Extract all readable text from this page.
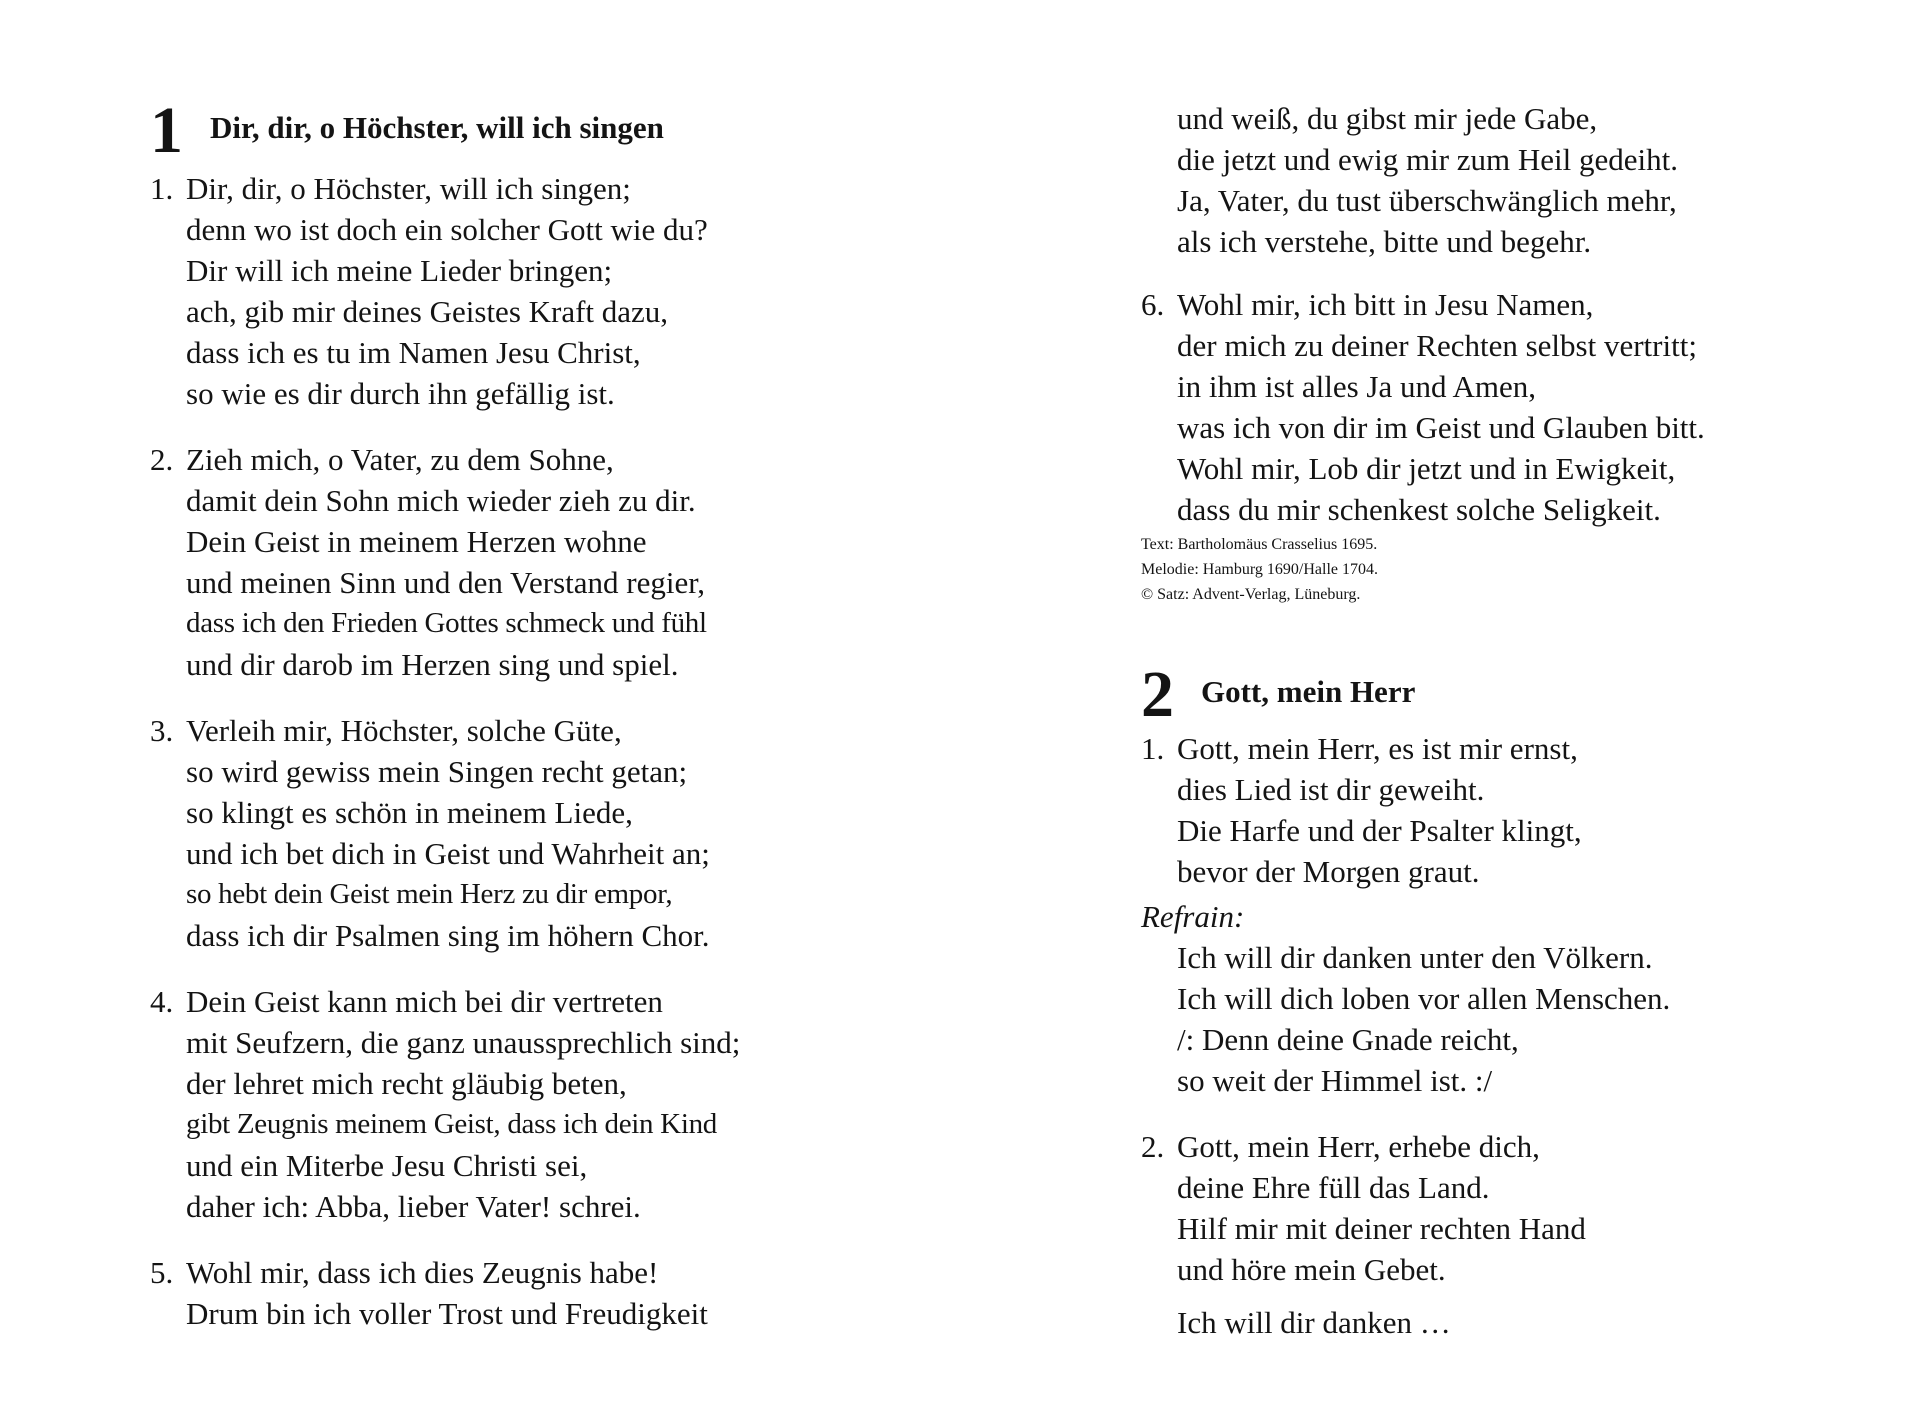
1 Dir, dir, o Höchster, will ich singen
1. Dir, dir, o Höchster, will ich singen;
denn wo ist doch ein solcher Gott wie du?
Dir will ich meine Lieder bringen;
ach, gib mir deines Geistes Kraft dazu,
dass ich es tu im Namen Jesu Christ,
so wie es dir durch ihn gefällig ist.
2. Zieh mich, o Vater, zu dem Sohne,
damit dein Sohn mich wieder zieh zu dir.
Dein Geist in meinem Herzen wohne
und meinen Sinn und den Verstand regier,
dass ich den Frieden Gottes schmeck und fühl
und dir darob im Herzen sing und spiel.
3. Verleih mir, Höchster, solche Güte,
so wird gewiss mein Singen recht getan;
so klingt es schön in meinem Liede,
und ich bet dich in Geist und Wahrheit an;
so hebt dein Geist mein Herz zu dir empor,
dass ich dir Psalmen sing im höhern Chor.
4. Dein Geist kann mich bei dir vertreten
mit Seufzern, die ganz unaussprechlich sind;
der lehret mich recht gläubig beten,
gibt Zeugnis meinem Geist, dass ich dein Kind
und ein Miterbe Jesu Christi sei,
daher ich: Abba, lieber Vater! schrei.
5. Wohl mir, dass ich dies Zeugnis habe!
Drum bin ich voller Trost und Freudigkeit
und weiß, du gibst mir jede Gabe,
die jetzt und ewig mir zum Heil gedeiht.
Ja, Vater, du tust überschwänglich mehr,
als ich verstehe, bitte und begehr.
6. Wohl mir, ich bitt in Jesu Namen,
der mich zu deiner Rechten selbst vertritt;
in ihm ist alles Ja und Amen,
was ich von dir im Geist und Glauben bitt.
Wohl mir, Lob dir jetzt und in Ewigkeit,
dass du mir schenkest solche Seligkeit.
Text: Bartholomäus Crasselius 1695.
Melodie: Hamburg 1690/Halle 1704.
© Satz: Advent-Verlag, Lüneburg.
2 Gott, mein Herr
1. Gott, mein Herr, es ist mir ernst,
dies Lied ist dir geweiht.
Die Harfe und der Psalter klingt,
bevor der Morgen graut.
Refrain:
Ich will dir danken unter den Völkern.
Ich will dich loben vor allen Menschen.
/: Denn deine Gnade reicht,
so weit der Himmel ist. :/
2. Gott, mein Herr, erhebe dich,
deine Ehre füll das Land.
Hilf mir mit deiner rechten Hand
und höre mein Gebet.
Ich will dir danken …
